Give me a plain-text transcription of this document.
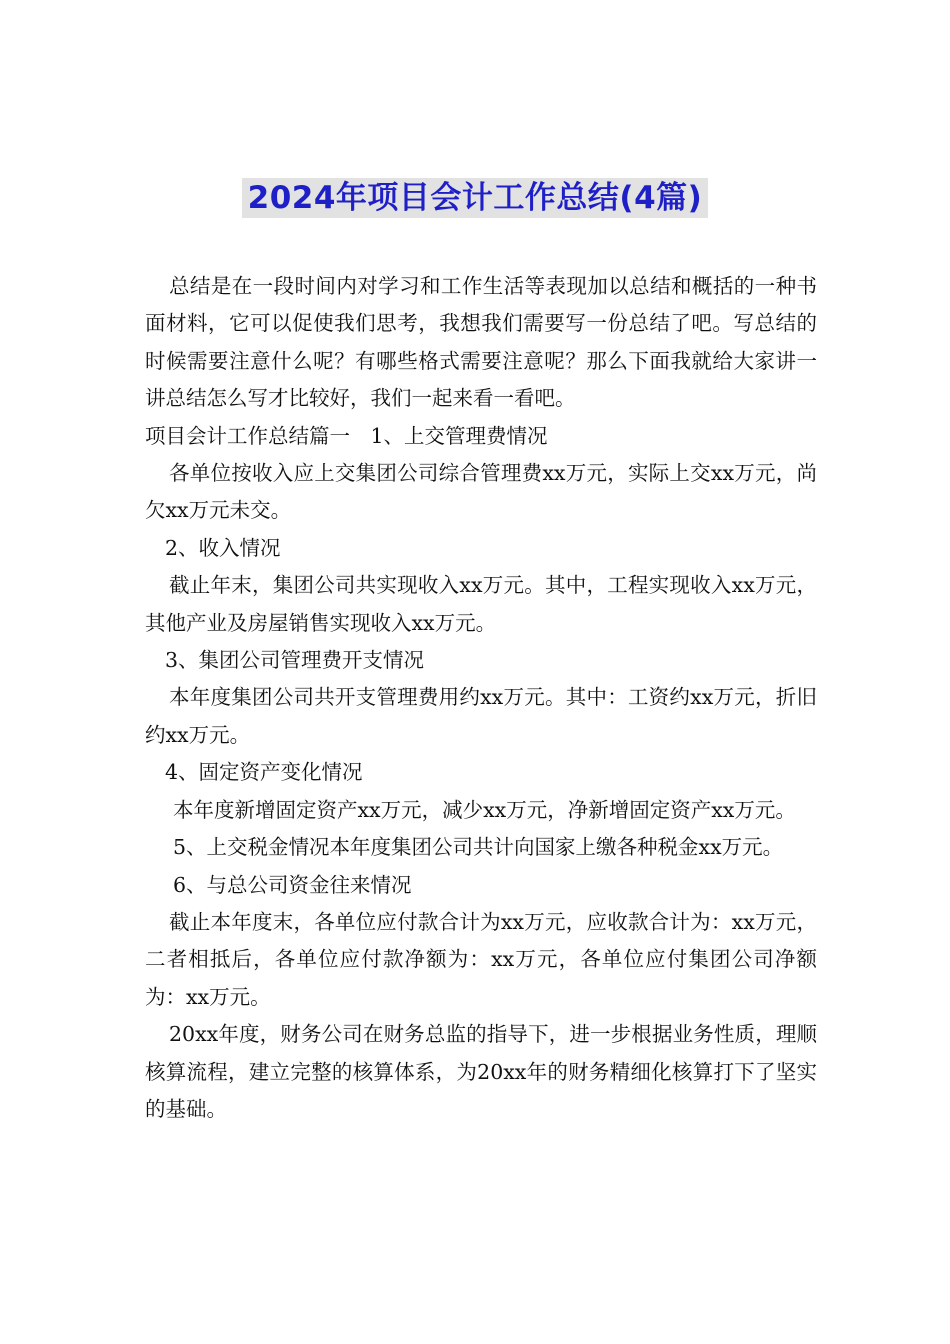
2024年项目会计工作总结(4篇)

总结是在一段时间内对学习和工作生活等表现加以总结和概括的一种书面材料，它可以促使我们思考，我想我们需要写一份总结了吧。写总结的时候需要注意什么呢？有哪些格式需要注意呢？那么下面我就给大家讲一讲总结怎么写才比较好，我们一起来看一看吧。

项目会计工作总结篇一　1、上交管理费情况

各单位按收入应上交集团公司综合管理费xx万元，实际上交xx万元，尚欠xx万元未交。

2、收入情况

截止年末，集团公司共实现收入xx万元。其中，工程实现收入xx万元，其他产业及房屋销售实现收入xx万元。

3、集团公司管理费开支情况

本年度集团公司共开支管理费用约xx万元。其中：工资约xx万元，折旧约xx万元。

4、固定资产变化情况

本年度新增固定资产xx万元，减少xx万元，净新增固定资产xx万元。

5、上交税金情况本年度集团公司共计向国家上缴各种税金xx万元。

6、与总公司资金往来情况

截止本年度末，各单位应付款合计为xx万元，应收款合计为：xx万元，二者相抵后，各单位应付款净额为：xx万元，各单位应付集团公司净额为：xx万元。

20xx年度，财务公司在财务总监的指导下，进一步根据业务性质，理顺核算流程，建立完整的核算体系，为20xx年的财务精细化核算打下了坚实的基础。
